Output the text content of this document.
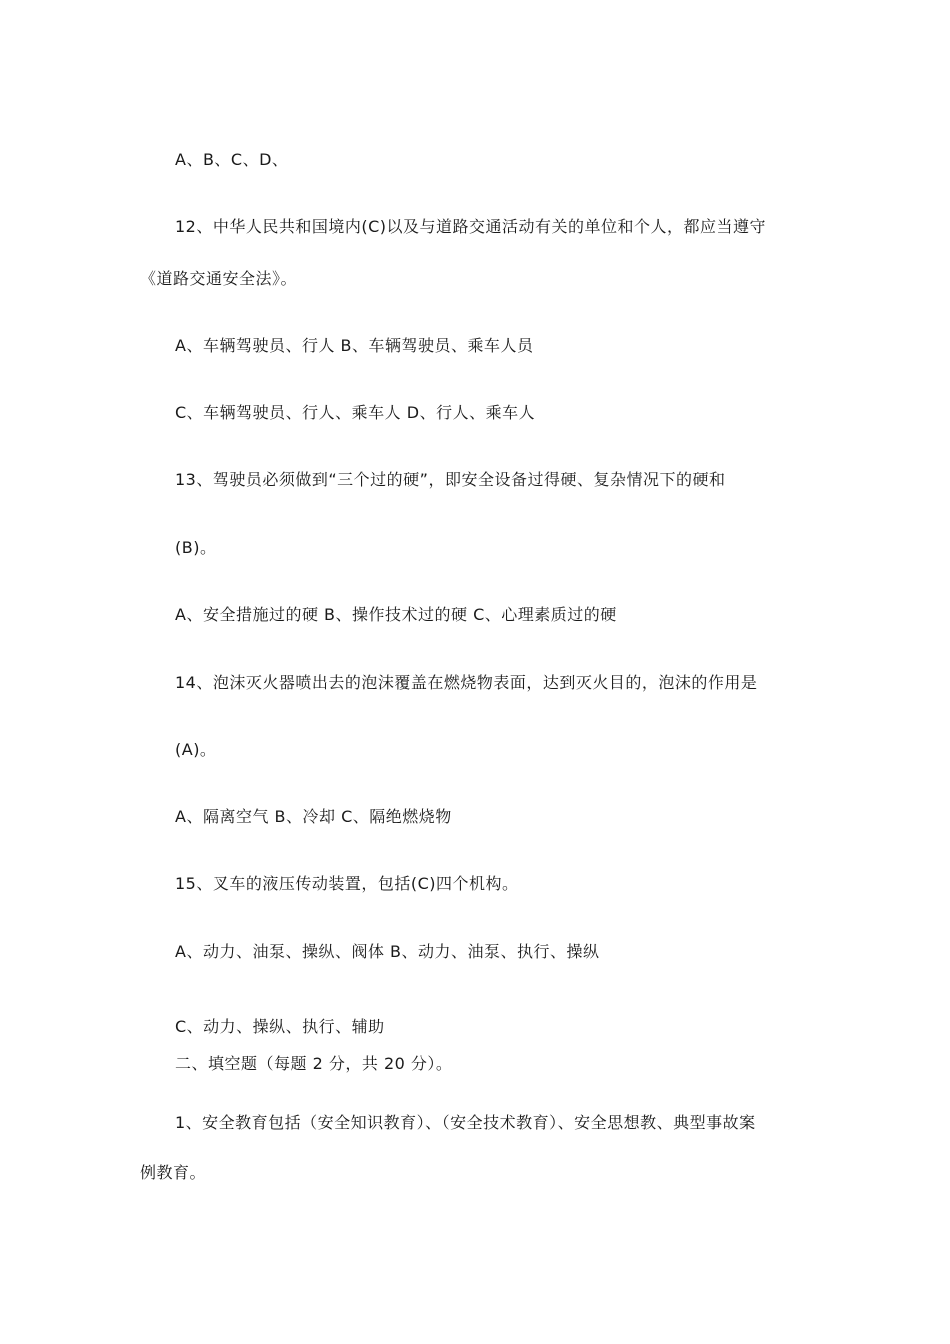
A、B、C、D、
12、中华人民共和国境内(C)以及与道路交通活动有关的单位和个人，都应当遵守
《道路交通安全法》。
A、车辆驾驶员、行人 B、车辆驾驶员、乘车人员
C、车辆驾驶员、行人、乘车人 D、行人、乘车人
13、驾驶员必须做到“三个过的硬”，即安全设备过得硬、复杂情况下的硬和
(B)。
A、安全措施过的硬 B、操作技术过的硬 C、心理素质过的硬
14、泡沫灭火器喷出去的泡沫覆盖在燃烧物表面，达到灭火目的，泡沫的作用是
(A)。
A、隔离空气 B、冷却 C、隔绝燃烧物
15、叉车的液压传动装置，包括(C)四个机构。
A、动力、油泵、操纵、阀体 B、动力、油泵、执行、操纵
C、动力、操纵、执行、辅助
二、填空题（每题 2 分，共 20 分）。
1、安全教育包括（安全知识教育）、（安全技术教育）、安全思想教、典型事故案
例教育。
